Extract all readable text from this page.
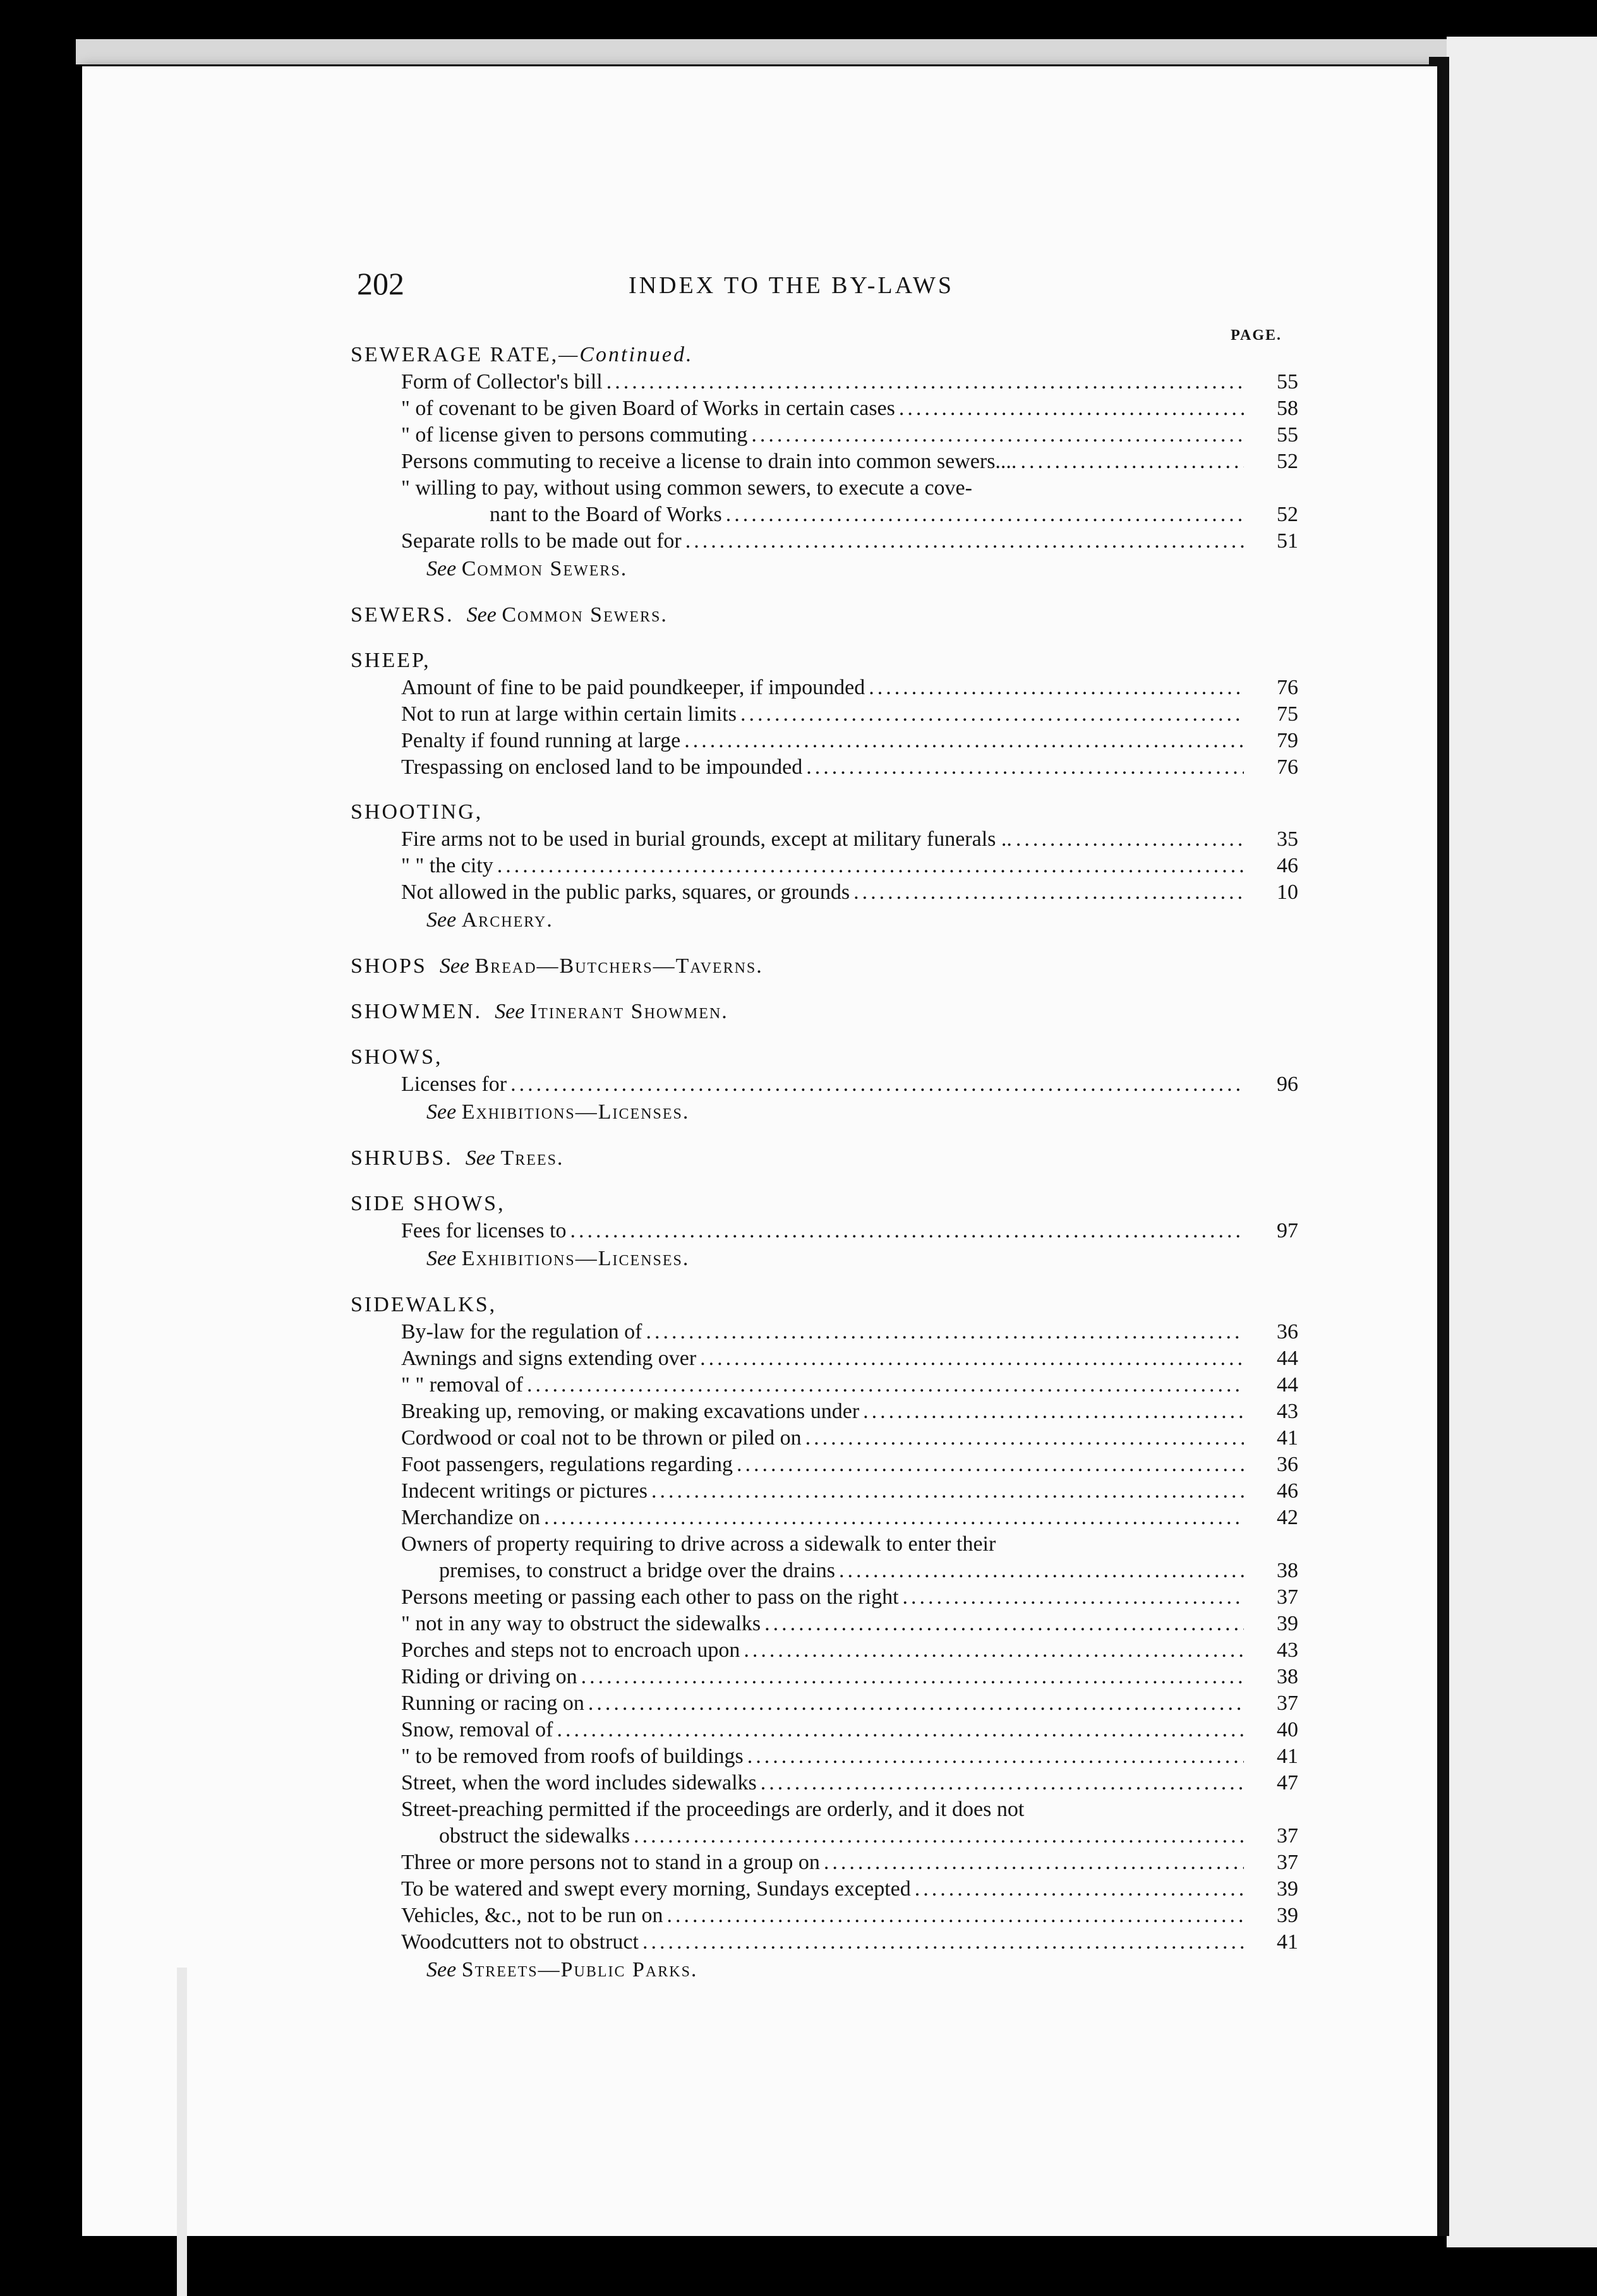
202	INDEX TO THE BY-LAWS
PAGE.
SEWERAGE RATE,—Continued.
Form of Collector's bill .....	55
" of covenant to be given Board of Works in certain cases .....	58
" of license given to persons commuting .....	55
Persons commuting to receive a license to drain into common sewers.... .....	52
" willing to pay, without using common sewers, to execute a cove-
nant to the Board of Works .....	52
Separate rolls to be made out for .....	51
See Common Sewers.
SEWERS. See Common Sewers.
SHEEP,
Amount of fine to be paid poundkeeper, if impounded .....	76
Not to run at large within certain limits .....	75
Penalty if found running at large .....	79
Trespassing on enclosed land to be impounded .....	76
SHOOTING,
Fire arms not to be used in burial grounds, except at military funerals .. .....	35
" " the city .....	46
Not allowed in the public parks, squares, or grounds .....	10
See Archery.
SHOPS See Bread—Butchers—Taverns.
SHOWMEN. See Itinerant Showmen.
SHOWS,
Licenses for .....	96
See Exhibitions—Licenses.
SHRUBS. See Trees.
SIDE SHOWS,
Fees for licenses to .....	97
See Exhibitions—Licenses.
SIDEWALKS,
By-law for the regulation of .....	36
Awnings and signs extending over .....	44
" " removal of .....	44
Breaking up, removing, or making excavations under .....	43
Cordwood or coal not to be thrown or piled on .....	41
Foot passengers, regulations regarding .....	36
Indecent writings or pictures .....	46
Merchandize on .....	42
Owners of property requiring to drive across a sidewalk to enter their
premises, to construct a bridge over the drains .....	38
Persons meeting or passing each other to pass on the right .....	37
" not in any way to obstruct the sidewalks .....	39
Porches and steps not to encroach upon .....	43
Riding or driving on .....	38
Running or racing on .....	37
Snow, removal of .....	40
" to be removed from roofs of buildings .....	41
Street, when the word includes sidewalks .....	47
Street-preaching permitted if the proceedings are orderly, and it does not
obstruct the sidewalks .....	37
Three or more persons not to stand in a group on .....	37
To be watered and swept every morning, Sundays excepted .....	39
Vehicles, &c., not to be run on .....	39
Woodcutters not to obstruct .....	41
See Streets—Public Parks.
